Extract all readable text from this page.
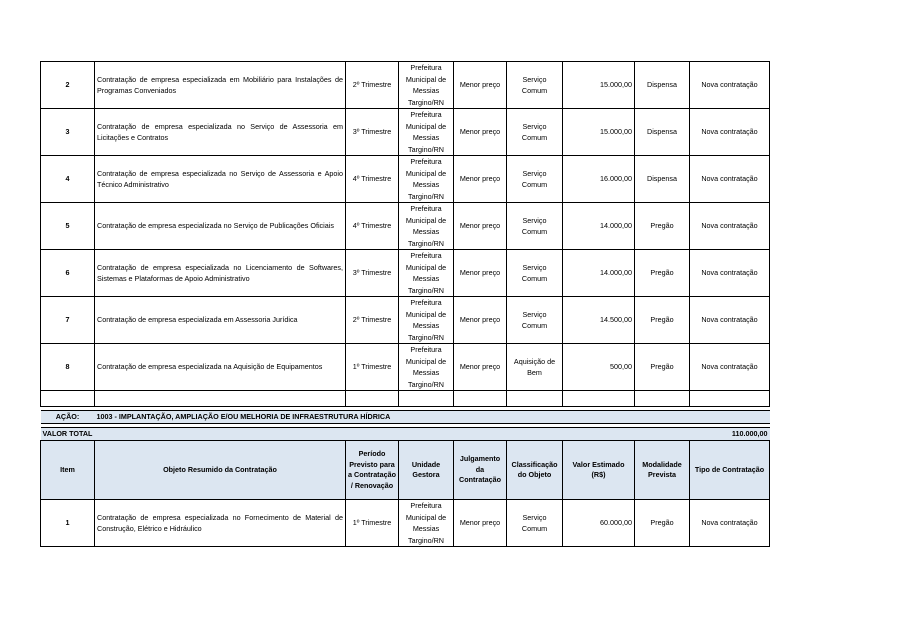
2	Contratação de empresa especializada em Mobiliário para Instalações de Programas Conveniados	2º Trimestre	Prefeitura Municipal de Messias Targino/RN	Menor preço	Serviço Comum	15.000,00	Dispensa	Nova contratação
3	Contratação de empresa especializada no Serviço de Assessoria em Licitações e Contratos	3º Trimestre	Prefeitura Municipal de Messias Targino/RN	Menor preço	Serviço Comum	15.000,00	Dispensa	Nova contratação
4	Contratação de empresa especializada no Serviço de Assessoria e Apoio Técnico Administrativo	4º Trimestre	Prefeitura Municipal de Messias Targino/RN	Menor preço	Serviço Comum	16.000,00	Dispensa	Nova contratação
5	Contratação de empresa especializada no Serviço de Publicações Oficiais	4º Trimestre	Prefeitura Municipal de Messias Targino/RN	Menor preço	Serviço Comum	14.000,00	Pregão	Nova contratação
6	Contratação de empresa especializada no Licenciamento de Softwares, Sistemas e Plataformas de Apoio Administrativo	3º Trimestre	Prefeitura Municipal de Messias Targino/RN	Menor preço	Serviço Comum	14.000,00	Pregão	Nova contratação
7	Contratação de empresa especializada em Assessoria Jurídica	2º Trimestre	Prefeitura Municipal de Messias Targino/RN	Menor preço	Serviço Comum	14.500,00	Pregão	Nova contratação
8	Contratação de empresa especializada na Aquisição de Equipamentos	1º Trimestre	Prefeitura Municipal de Messias Targino/RN	Menor preço	Aquisição de Bem	500,00	Pregão	Nova contratação

AÇÃO:	1003 - IMPLANTAÇÃO, AMPLIAÇÃO E/OU MELHORIA DE INFRAESTRUTURA HÍDRICA							

VALOR TOTAL					110.000,00			
Item	Objeto Resumido da Contratação	Período Previsto para a Contratação / Renovação	Unidade Gestora	Julgamento da Contratação	Classificação do Objeto	Valor Estimado (R$)	Modalidade Prevista	Tipo de Contratação
1	Contratação de empresa especializada no Fornecimento de Material de Construção, Elétrico e Hidráulico	1º Trimestre	Prefeitura Municipal de Messias Targino/RN	Menor preço	Serviço Comum	60.000,00	Pregão	Nova contratação
